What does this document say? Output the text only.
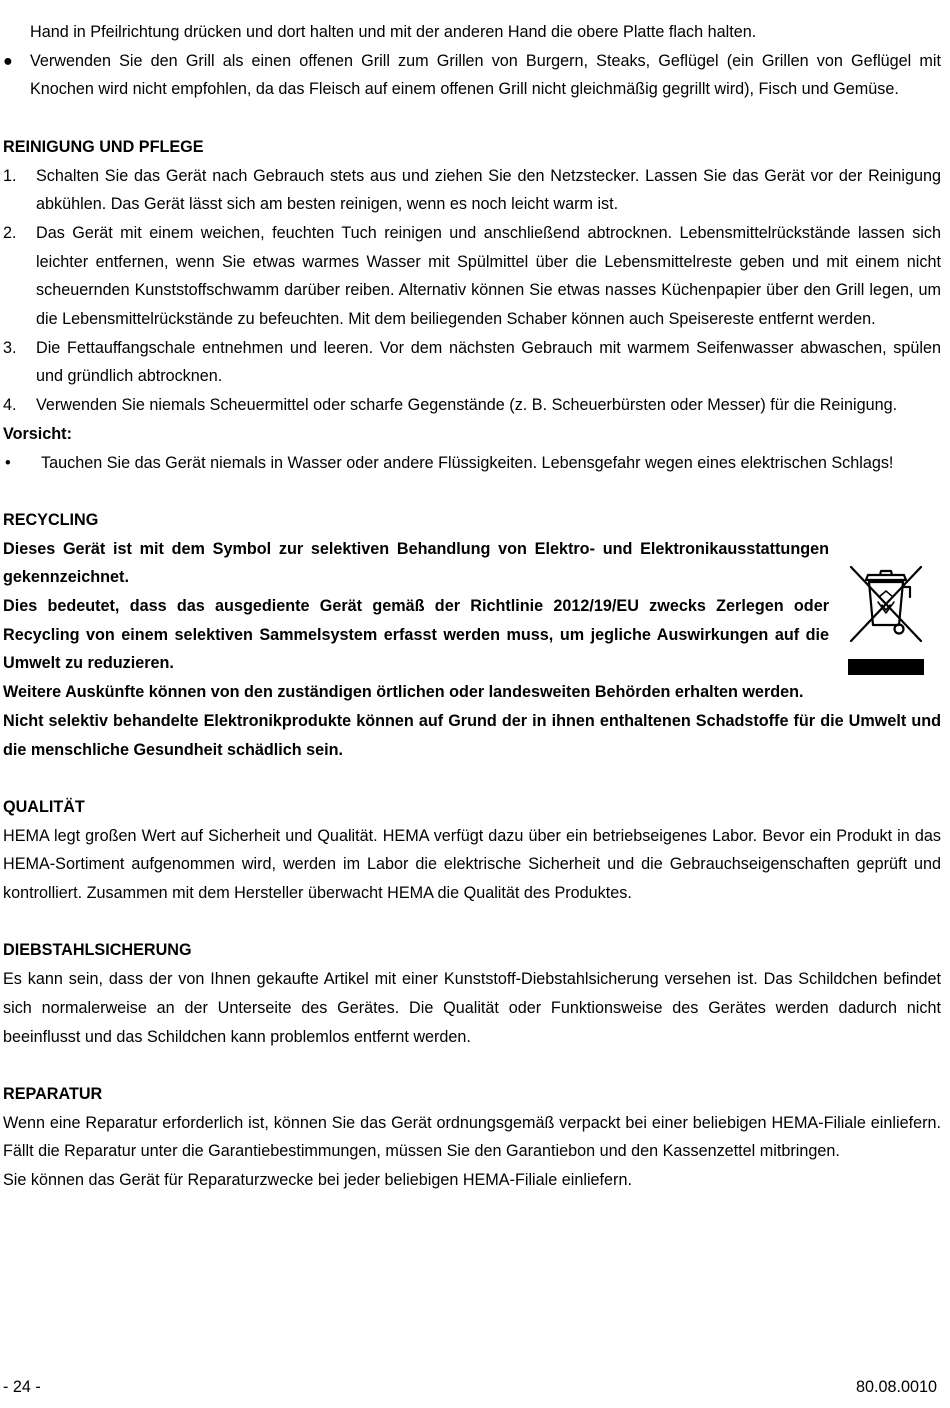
Hand in Pfeilrichtung drücken und dort halten und mit der anderen Hand die obere Platte flach halten.

● Verwenden Sie den Grill als einen offenen Grill zum Grillen von Burgern, Steaks, Geflügel (ein Grillen von Geflügel mit Knochen wird nicht empfohlen, da das Fleisch auf einem offenen Grill nicht gleichmäßig gegrillt wird), Fisch und Gemüse.

REINIGUNG UND PFLEGE

1. Schalten Sie das Gerät nach Gebrauch stets aus und ziehen Sie den Netzstecker. Lassen Sie das Gerät vor der Reinigung abkühlen. Das Gerät lässt sich am besten reinigen, wenn es noch leicht warm ist.

2. Das Gerät mit einem weichen, feuchten Tuch reinigen und anschließend abtrocknen. Lebensmittelrückstände lassen sich leichter entfernen, wenn Sie etwas warmes Wasser mit Spülmittel über die Lebensmittelreste geben und mit einem nicht scheuernden Kunststoffschwamm darüber reiben. Alternativ können Sie etwas nasses Küchenpapier über den Grill legen, um die Lebensmittelrückstände zu befeuchten. Mit dem beiliegenden Schaber können auch Speisereste entfernt werden.

3. Die Fettauffangschale entnehmen und leeren. Vor dem nächsten Gebrauch mit warmem Seifenwasser abwaschen, spülen und gründlich abtrocknen.

4. Verwenden Sie niemals Scheuermittel oder scharfe Gegenstände (z. B. Scheuerbürsten oder Messer) für die Reinigung.

Vorsicht:

• Tauchen Sie das Gerät niemals in Wasser oder andere Flüssigkeiten. Lebensgefahr wegen eines elektrischen Schlags!

RECYCLING

Dieses Gerät ist mit dem Symbol zur selektiven Behandlung von Elektro- und Elektronikausstattungen gekennzeichnet.

Dies bedeutet, dass das ausgediente Gerät gemäß der Richtlinie 2012/19/EU zwecks Zerlegen oder Recycling von einem selektiven Sammelsystem erfasst werden muss, um jegliche Auswirkungen auf die Umwelt zu reduzieren.

Weitere Auskünfte können von den zuständigen örtlichen oder landesweiten Behörden erhalten werden.

Nicht selektiv behandelte Elektronikprodukte können auf Grund der in ihnen enthaltenen Schadstoffe für die Umwelt und die menschliche Gesundheit schädlich sein.

QUALITÄT

HEMA legt großen Wert auf Sicherheit und Qualität. HEMA verfügt dazu über ein betriebseigenes Labor. Bevor ein Produkt in das HEMA-Sortiment aufgenommen wird, werden im Labor die elektrische Sicherheit und die Gebrauchseigenschaften geprüft und kontrolliert. Zusammen mit dem Hersteller überwacht HEMA die Qualität des Produktes.

DIEBSTAHLSICHERUNG

Es kann sein, dass der von Ihnen gekaufte Artikel mit einer Kunststoff-Diebstahlsicherung versehen ist. Das Schildchen befindet sich normalerweise an der Unterseite des Gerätes. Die Qualität oder Funktionsweise des Gerätes werden dadurch nicht beeinflusst und das Schildchen kann problemlos entfernt werden.

REPARATUR

Wenn eine Reparatur erforderlich ist, können Sie das Gerät ordnungsgemäß verpackt bei einer beliebigen HEMA-Filiale einliefern. Fällt die Reparatur unter die Garantiebestimmungen, müssen Sie den Garantiebon und den Kassenzettel mitbringen.

Sie können das Gerät für Reparaturzwecke bei jeder beliebigen HEMA-Filiale einliefern.

- 24 -	80.08.0010
